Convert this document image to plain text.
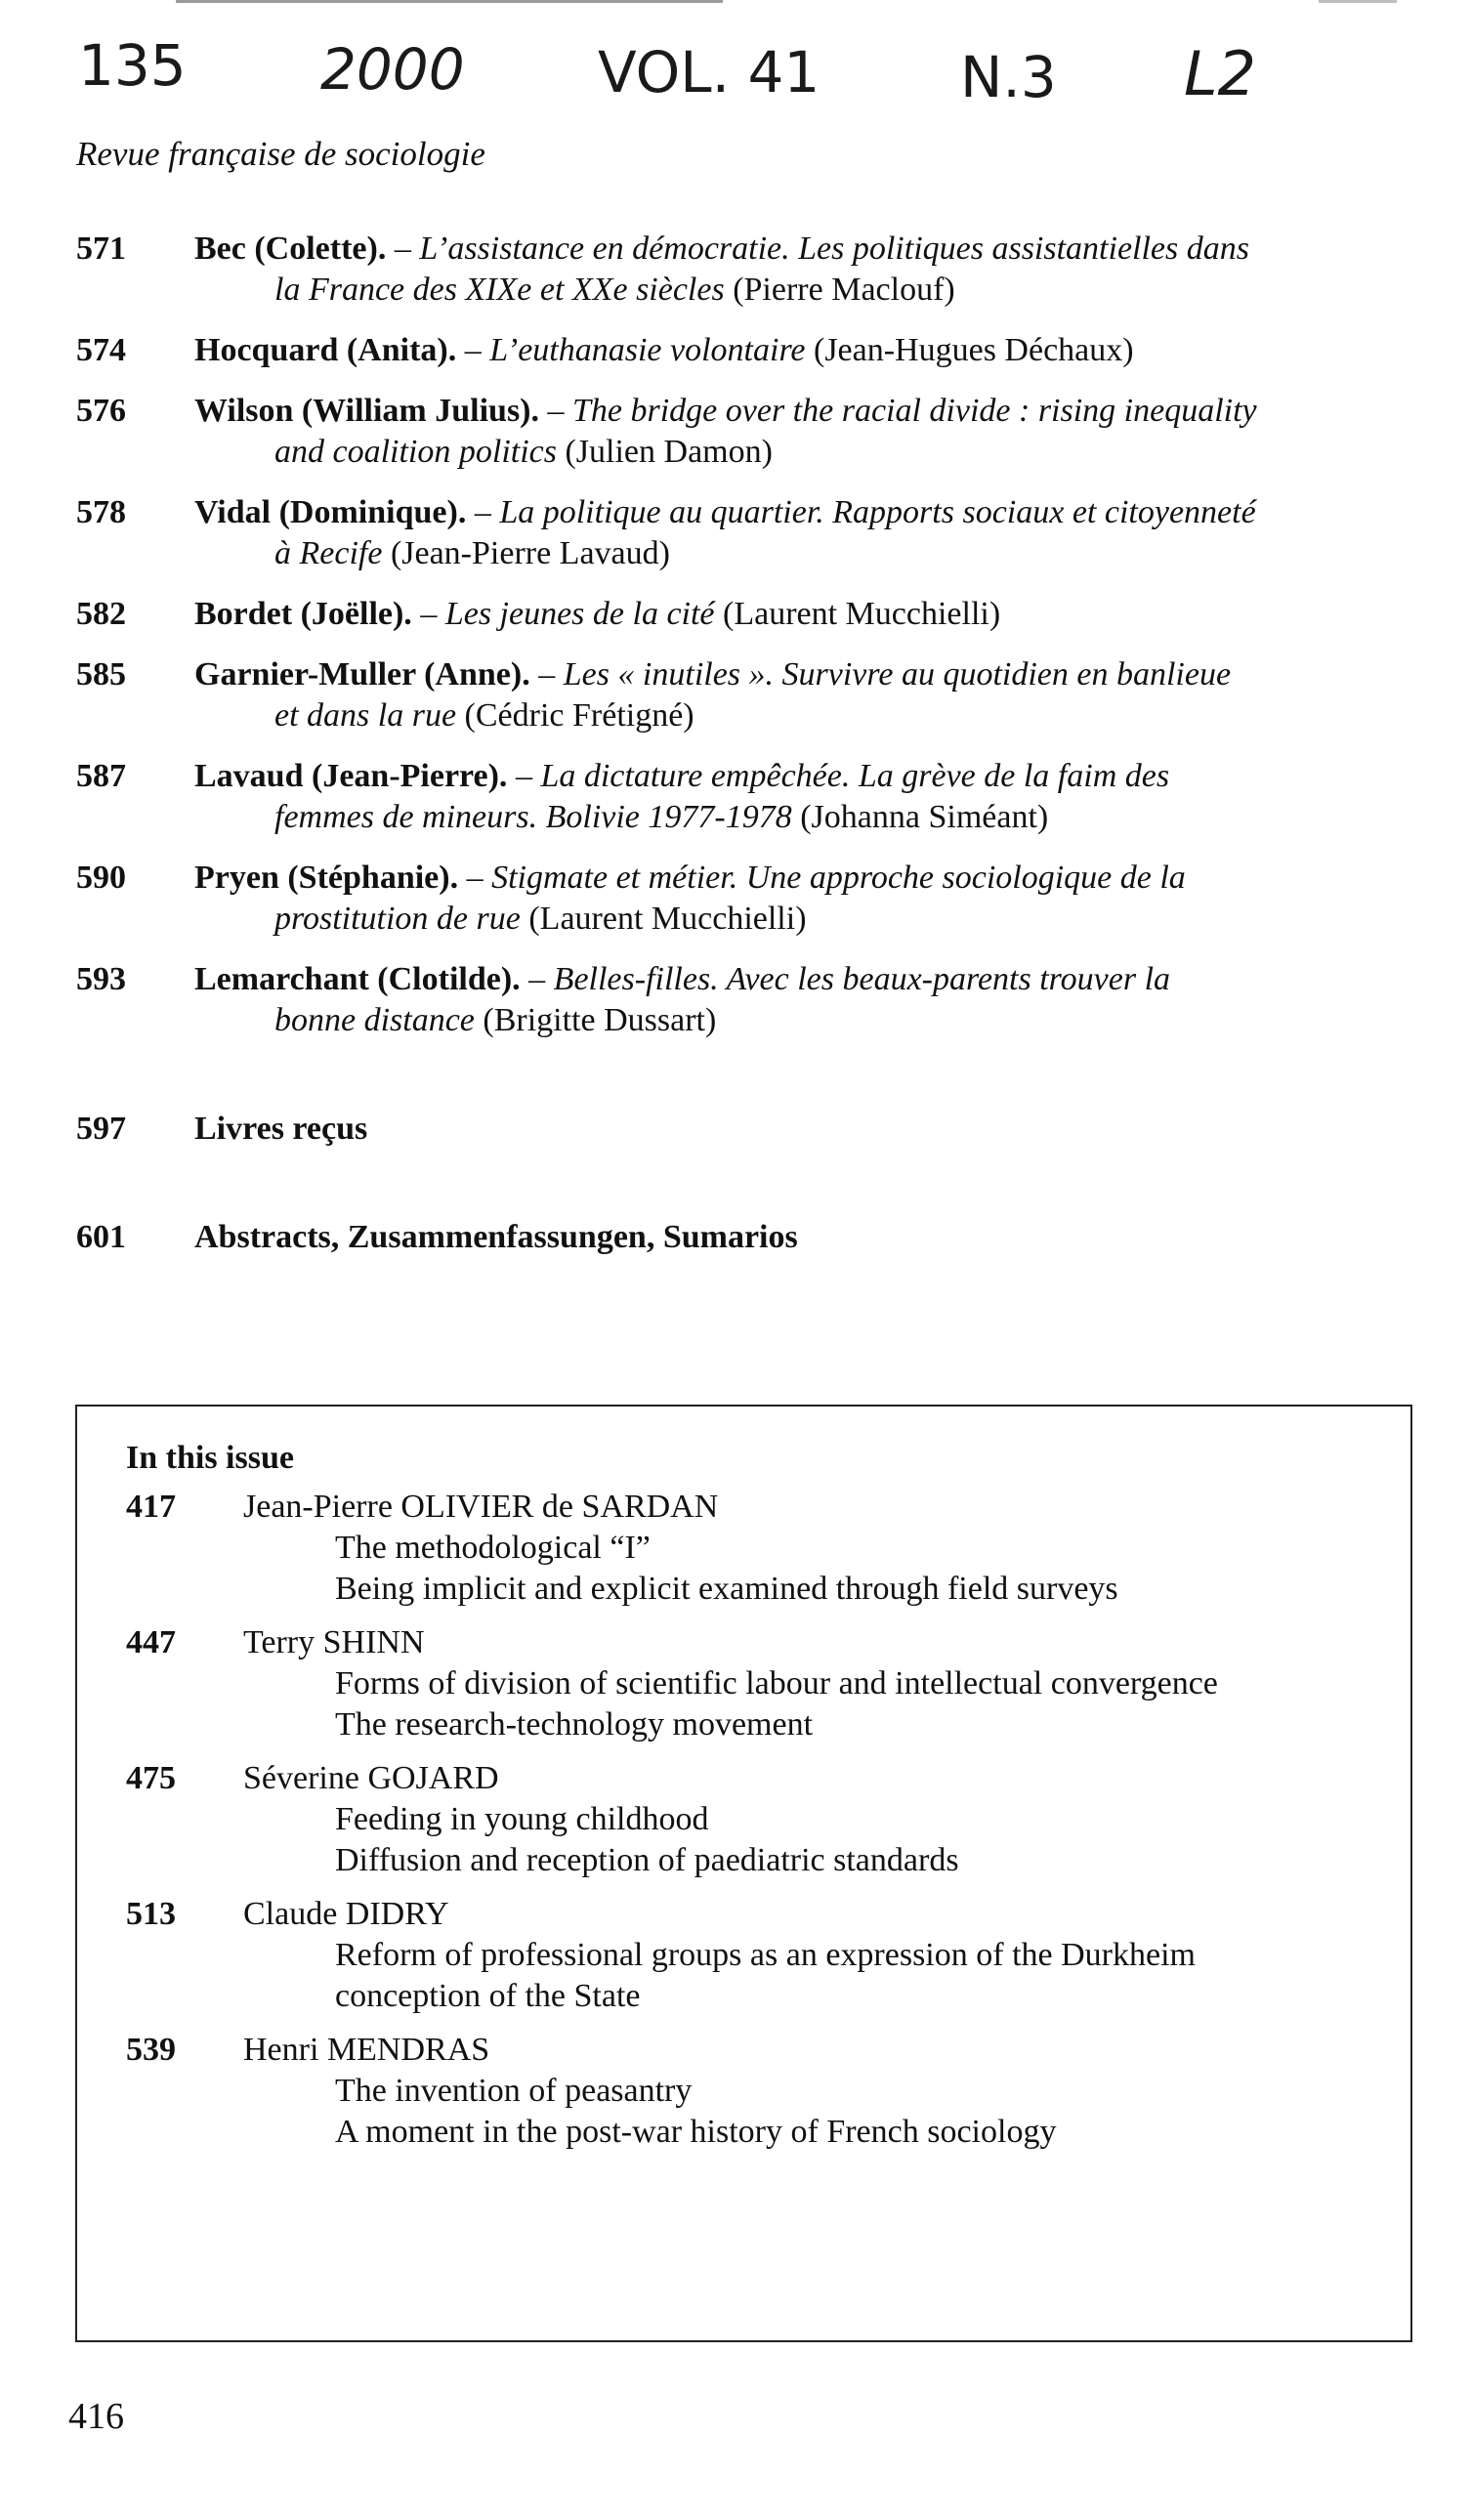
135 2000 VOL. 41 N.3 L2
Revue française de sociologie
571	Bec (Colette). – L’assistance en démocratie. Les politiques assistantielles dans
la France des XIXe et XXe siècles (Pierre Maclouf)
574	Hocquard (Anita). – L’euthanasie volontaire (Jean-Hugues Déchaux)
576	Wilson (William Julius). – The bridge over the racial divide : rising inequality
and coalition politics (Julien Damon)
578	Vidal (Dominique). – La politique au quartier. Rapports sociaux et citoyenneté
à Recife (Jean-Pierre Lavaud)
582	Bordet (Joëlle). – Les jeunes de la cité (Laurent Mucchielli)
585	Garnier-Muller (Anne). – Les « inutiles ». Survivre au quotidien en banlieue
et dans la rue (Cédric Frétigné)
587	Lavaud (Jean-Pierre). – La dictature empêchée. La grève de la faim des
femmes de mineurs. Bolivie 1977-1978 (Johanna Siméant)
590	Pryen (Stéphanie). – Stigmate et métier. Une approche sociologique de la
prostitution de rue (Laurent Mucchielli)
593	Lemarchant (Clotilde). – Belles-filles. Avec les beaux-parents trouver la
bonne distance (Brigitte Dussart)
597	Livres reçus
601	Abstracts, Zusammenfassungen, Sumarios
In this issue
417	Jean-Pierre OLIVIER de SARDAN
The methodological “I”
Being implicit and explicit examined through field surveys
447	Terry SHINN
Forms of division of scientific labour and intellectual convergence
The research-technology movement
475	Séverine GOJARD
Feeding in young childhood
Diffusion and reception of paediatric standards
513	Claude DIDRY
Reform of professional groups as an expression of the Durkheim
conception of the State
539	Henri MENDRAS
The invention of peasantry
A moment in the post-war history of French sociology
416
